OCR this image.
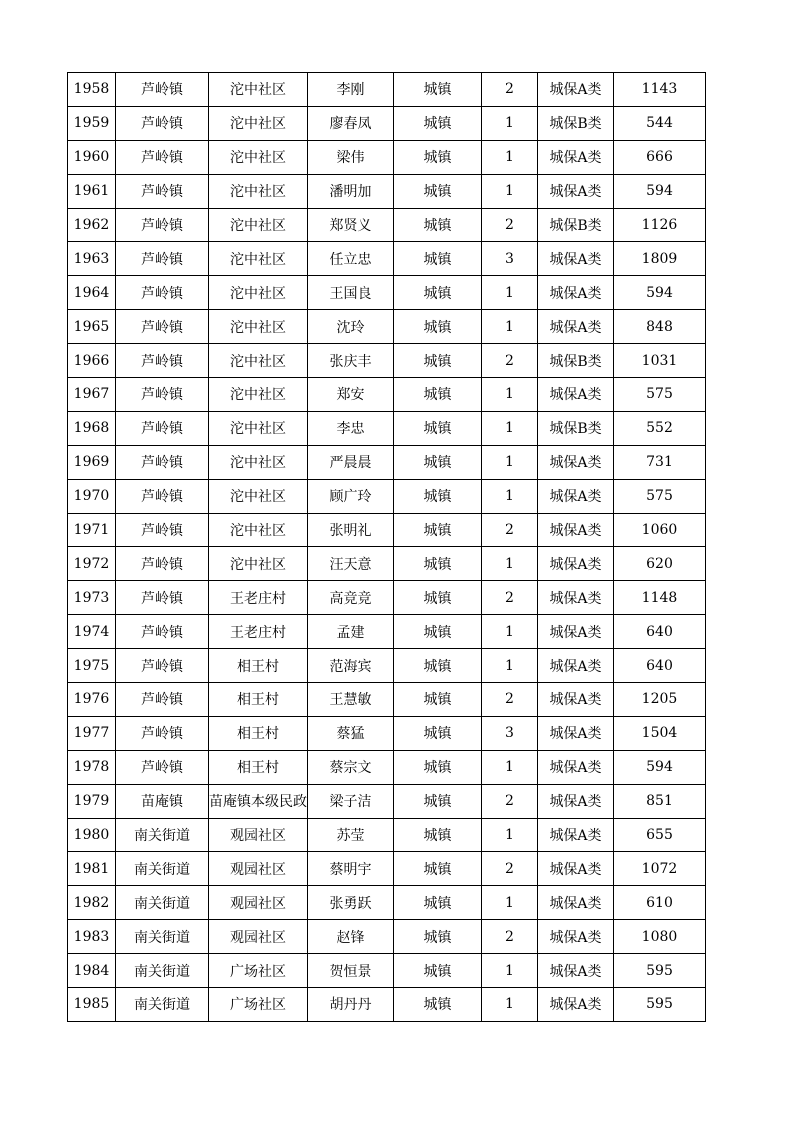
1958	芦岭镇	沱中社区	李刚	城镇	2	城保A类	1143
1959	芦岭镇	沱中社区	廖春凤	城镇	1	城保B类	544
1960	芦岭镇	沱中社区	梁伟	城镇	1	城保A类	666
1961	芦岭镇	沱中社区	潘明加	城镇	1	城保A类	594
1962	芦岭镇	沱中社区	郑贤义	城镇	2	城保B类	1126
1963	芦岭镇	沱中社区	任立忠	城镇	3	城保A类	1809
1964	芦岭镇	沱中社区	王国良	城镇	1	城保A类	594
1965	芦岭镇	沱中社区	沈玲	城镇	1	城保A类	848
1966	芦岭镇	沱中社区	张庆丰	城镇	2	城保B类	1031
1967	芦岭镇	沱中社区	郑安	城镇	1	城保A类	575
1968	芦岭镇	沱中社区	李忠	城镇	1	城保B类	552
1969	芦岭镇	沱中社区	严晨晨	城镇	1	城保A类	731
1970	芦岭镇	沱中社区	顾广玲	城镇	1	城保A类	575
1971	芦岭镇	沱中社区	张明礼	城镇	2	城保A类	1060
1972	芦岭镇	沱中社区	汪天意	城镇	1	城保A类	620
1973	芦岭镇	王老庄村	高竞竞	城镇	2	城保A类	1148
1974	芦岭镇	王老庄村	孟建	城镇	1	城保A类	640
1975	芦岭镇	相王村	范海宾	城镇	1	城保A类	640
1976	芦岭镇	相王村	王慧敏	城镇	2	城保A类	1205
1977	芦岭镇	相王村	蔡猛	城镇	3	城保A类	1504
1978	芦岭镇	相王村	蔡宗文	城镇	1	城保A类	594
1979	苗庵镇	苗庵镇本级民政	梁子洁	城镇	2	城保A类	851
1980	南关街道	观园社区	苏莹	城镇	1	城保A类	655
1981	南关街道	观园社区	蔡明宇	城镇	2	城保A类	1072
1982	南关街道	观园社区	张勇跃	城镇	1	城保A类	610
1983	南关街道	观园社区	赵锋	城镇	2	城保A类	1080
1984	南关街道	广场社区	贺恒景	城镇	1	城保A类	595
1985	南关街道	广场社区	胡丹丹	城镇	1	城保A类	595
